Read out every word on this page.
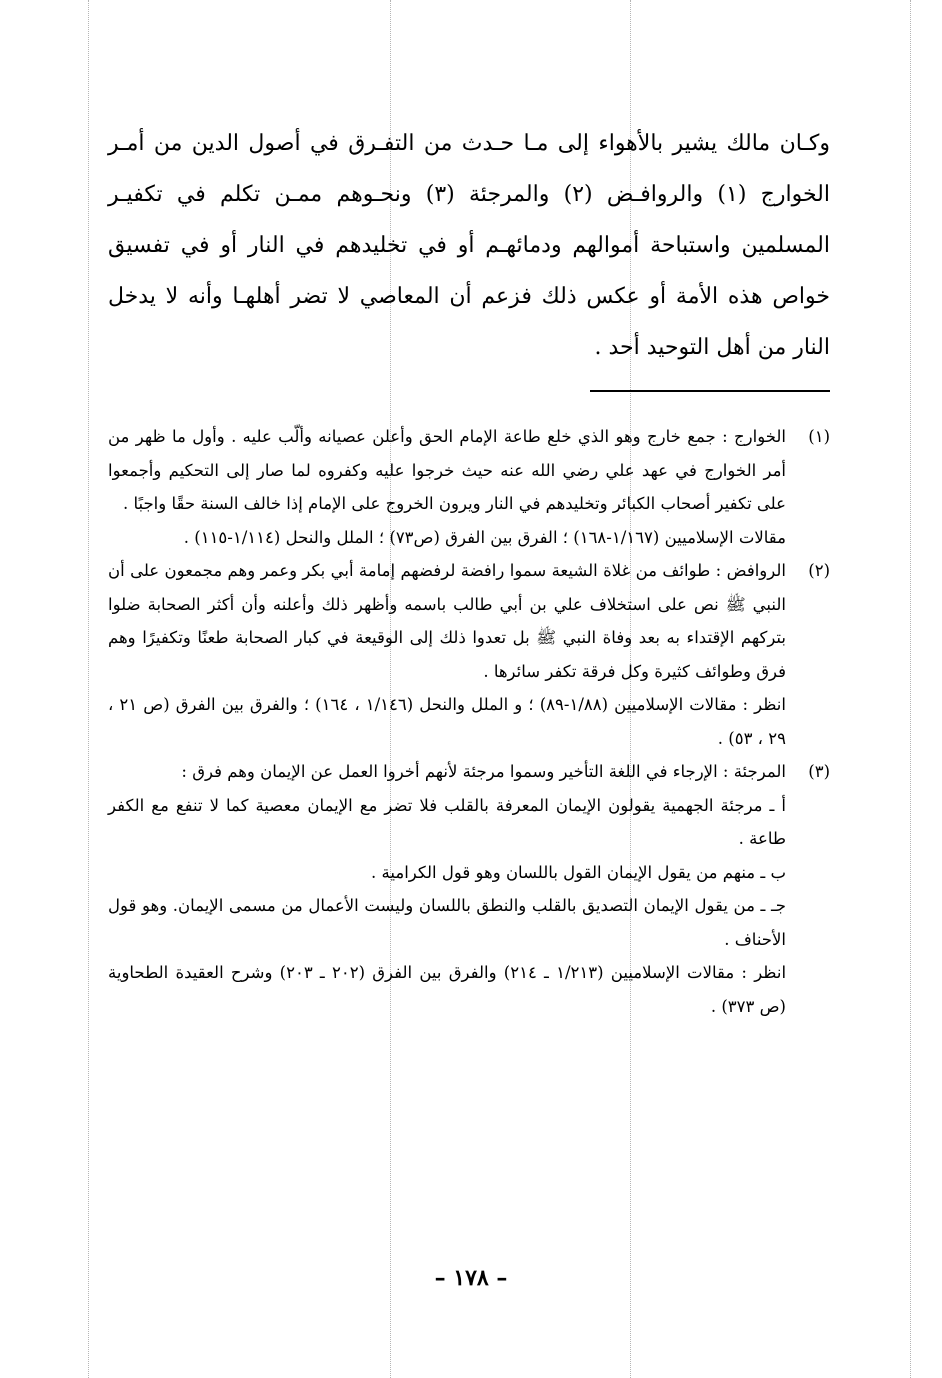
وكـان مالك يشير بالأهواء إلى مـا حـدث من التفـرق في أصول الدين من أمـر الخوارج (١) والروافـض (٢) والمرجئة (٣) ونحـوهم ممـن تكلم في تكفيـر المسلمين واستباحة أموالهم ودمائهـم أو في تخليدهم في النار أو في تفسيق خواص هذه الأمة أو عكس ذلك فزعم أن المعاصي لا تضر أهلهـا وأنه لا يدخل النار من أهل التوحيد أحد .

(١)
الخوارج : جمع خارج وهو الذي خلع طاعة الإمام الحق وأعلن عصيانه وألّب عليه . وأول ما ظهر من أمر الخوارج في عهد علي رضي الله عنه حيث خرجوا عليه وكفروه لما صار إلى التحكيم وأجمعوا على تكفير أصحاب الكبائر وتخليدهم في النار ويرون الخروج على الإمام إذا خالف السنة حقًا واجبًا .
مقالات الإسلاميين (١/١٦٧-١٦٨) ؛ الفرق بين الفرق (ص٧٣) ؛ الملل والنحل (١/١١٤-١١٥) .
(٢)
الروافض : طوائف من غلاة الشيعة سموا رافضة لرفضهم إمامة أبي بكر وعمر وهم مجمعون على أن النبي ﷺ نص على استخلاف علي بن أبي طالب باسمه وأظهر ذلك وأعلنه وأن أكثر الصحابة ضلوا بتركهم الإقتداء به بعد وفاة النبي ﷺ بل تعدوا ذلك إلى الوقيعة في كبار الصحابة طعنًا وتكفيرًا وهم فرق وطوائف كثيرة وكل فرقة تكفر سائرها .
انظر : مقالات الإسلاميين (١/٨٨-٨٩) ؛ و الملل والنحل (١/١٤٦ ، ١٦٤) ؛ والفرق بين الفرق (ص ٢١ ، ٢٩ ، ٥٣) .
(٣)
المرجئة : الإرجاء في اللغة التأخير وسموا مرجئة لأنهم أخروا العمل عن الإيمان وهم فرق :
أ ـ مرجئة الجهمية يقولون الإيمان المعرفة بالقلب فلا تضر مع الإيمان معصية كما لا تنفع مع الكفر طاعة .
ب ـ منهم من يقول الإيمان القول باللسان وهو قول الكرامية .
جـ ـ من يقول الإيمان التصديق بالقلب والنطق باللسان وليست الأعمال من مسمى الإيمان. وهو قول الأحناف .
انظر : مقالات الإسلاميين (١/٢١٣ ـ ٢١٤) والفرق بين الفرق (٢٠٢ ـ ٢٠٣) وشرح العقيدة الطحاوية (ص ٣٧٣) .
– ١٧٨ –
